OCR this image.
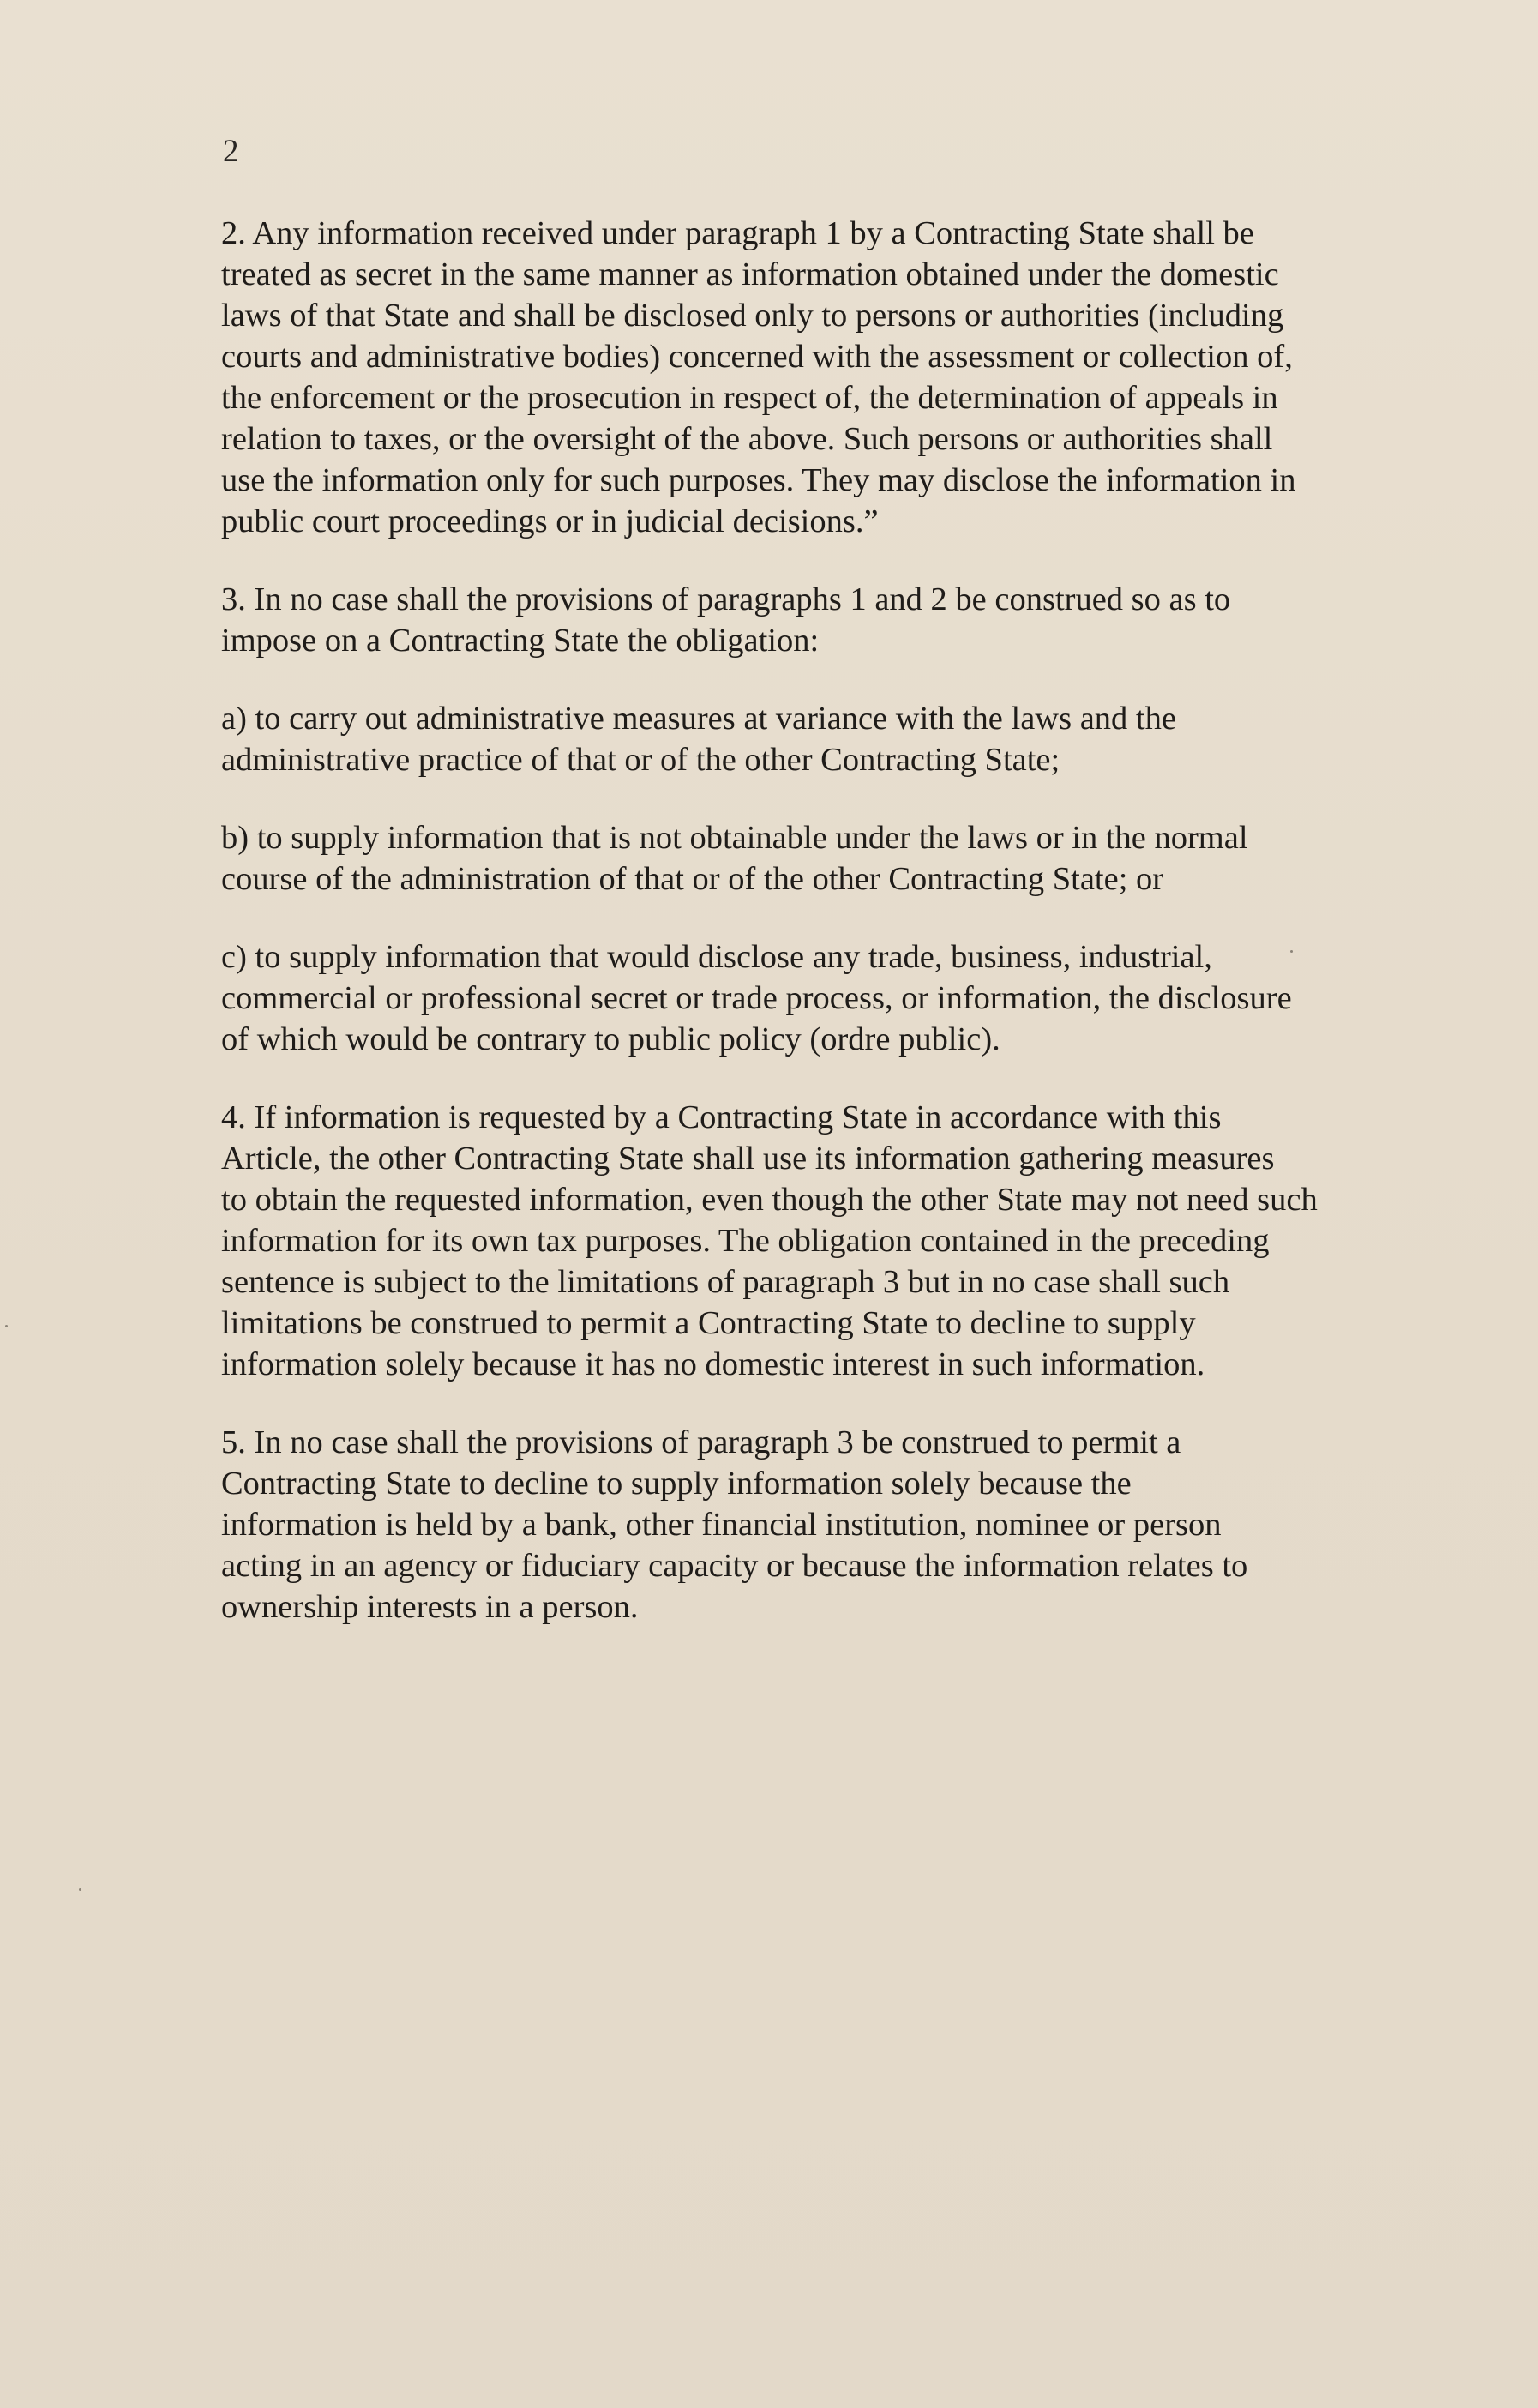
2

2. Any information received under paragraph 1 by a Contracting State shall be
treated as secret in the same manner as information obtained under the domestic
laws of that State and shall be disclosed only to persons or authorities (including
courts and administrative bodies) concerned with the assessment or collection of,
the enforcement or the prosecution in respect of, the determination of appeals in
relation to taxes, or the oversight of the above. Such persons or authorities shall
use the information only for such purposes. They may disclose the information in
public court proceedings or in judicial decisions.”

3. In no case shall the provisions of paragraphs 1 and 2 be construed so as to
impose on a Contracting State the obligation:

a) to carry out administrative measures at variance with the laws and the
administrative practice of that or of the other Contracting State;

b) to supply information that is not obtainable under the laws or in the normal
course of the administration of that or of the other Contracting State; or

c) to supply information that would disclose any trade, business, industrial,
commercial or professional secret or trade process, or information, the disclosure
of which would be contrary to public policy (ordre public).

4. If information is requested by a Contracting State in accordance with this
Article, the other Contracting State shall use its information gathering measures
to obtain the requested information, even though the other State may not need such
information for its own tax purposes. The obligation contained in the preceding
sentence is subject to the limitations of paragraph 3 but in no case shall such
limitations be construed to permit a Contracting State to decline to supply
information solely because it has no domestic interest in such information.

5. In no case shall the provisions of paragraph 3 be construed to permit a
Contracting State to decline to supply information solely because the
information is held by a bank, other financial institution, nominee or person
acting in an agency or fiduciary capacity or because the information relates to
ownership interests in a person.
